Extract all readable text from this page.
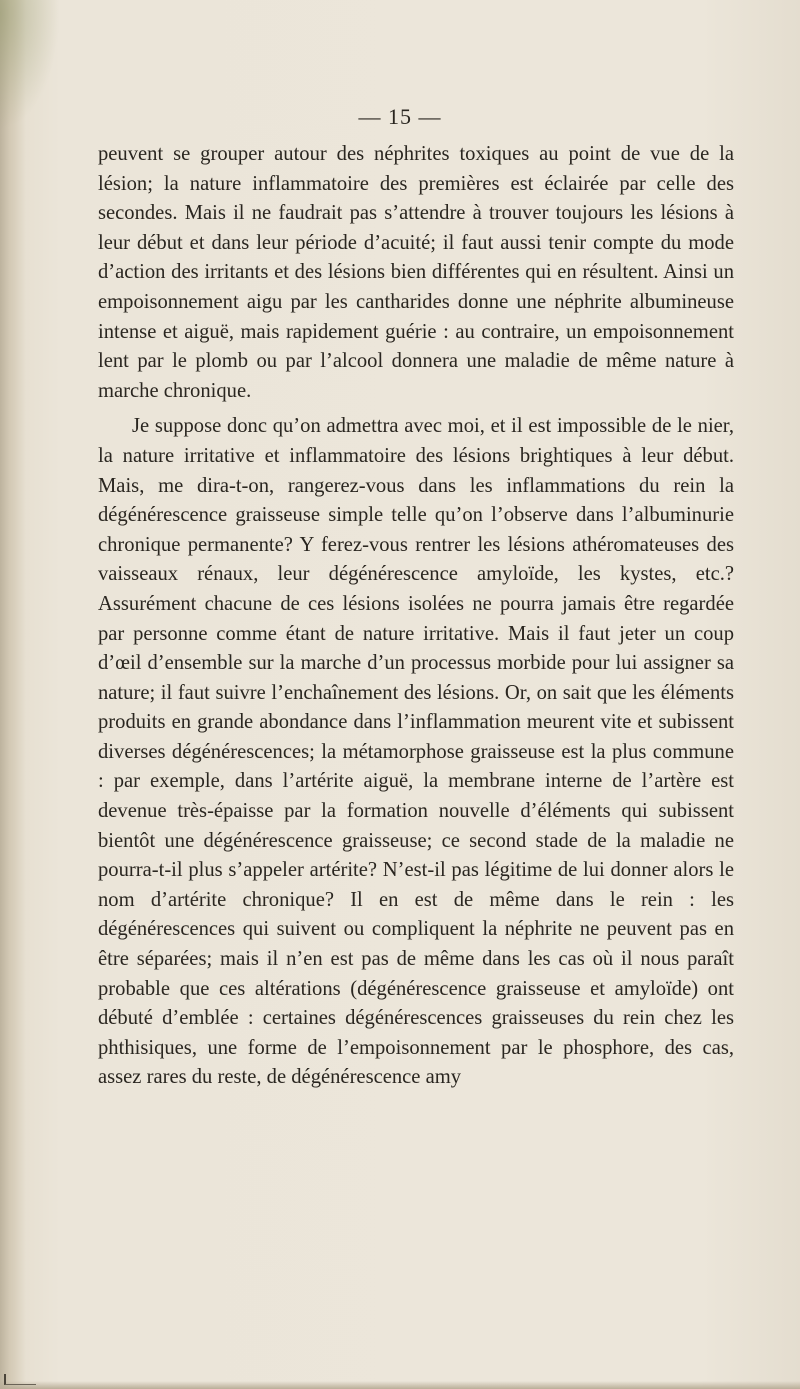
— 15 —

peuvent se grouper autour des néphrites toxiques au point de vue de la lésion; la nature inflammatoire des premières est éclairée par celle des secondes. Mais il ne faudrait pas s’attendre à trouver toujours les lésions à leur début et dans leur période d’acuité; il faut aussi tenir compte du mode d’action des irritants et des lésions bien différentes qui en résultent. Ainsi un empoisonnement aigu par les cantharides donne une néphrite albumineuse intense et aiguë, mais rapidement guérie : au contraire, un empoisonnement lent par le plomb ou par l’alcool donnera une maladie de même nature à marche chronique.

Je suppose donc qu’on admettra avec moi, et il est impossible de le nier, la nature irritative et inflammatoire des lésions brightiques à leur début. Mais, me dira-t-on, rangerez-vous dans les inflammations du rein la dégénérescence graisseuse simple telle qu’on l’observe dans l’albuminurie chronique permanente? Y ferez-vous rentrer les lésions athéromateuses des vaisseaux rénaux, leur dégénérescence amyloïde, les kystes, etc.? Assurément chacune de ces lésions isolées ne pourra jamais être regardée par personne comme étant de nature irritative. Mais il faut jeter un coup d’œil d’ensemble sur la marche d’un processus morbide pour lui assigner sa nature; il faut suivre l’enchaînement des lésions. Or, on sait que les éléments produits en grande abondance dans l’inflammation meurent vite et subissent diverses dégénérescences; la métamorphose graisseuse est la plus commune : par exemple, dans l’artérite aiguë, la membrane interne de l’artère est devenue très-épaisse par la formation nouvelle d’éléments qui subissent bientôt une dégénérescence graisseuse; ce second stade de la maladie ne pourra-t-il plus s’appeler artérite? N’est-il pas légitime de lui donner alors le nom d’artérite chronique? Il en est de même dans le rein : les dégénérescences qui suivent ou compliquent la néphrite ne peuvent pas en être séparées; mais il n’en est pas de même dans les cas où il nous paraît probable que ces altérations (dégénérescence graisseuse et amyloïde) ont débuté d’emblée : certaines dégénérescences graisseuses du rein chez les phthisiques, une forme de l’empoisonnement par le phosphore, des cas, assez rares du reste, de dégénérescence amy
